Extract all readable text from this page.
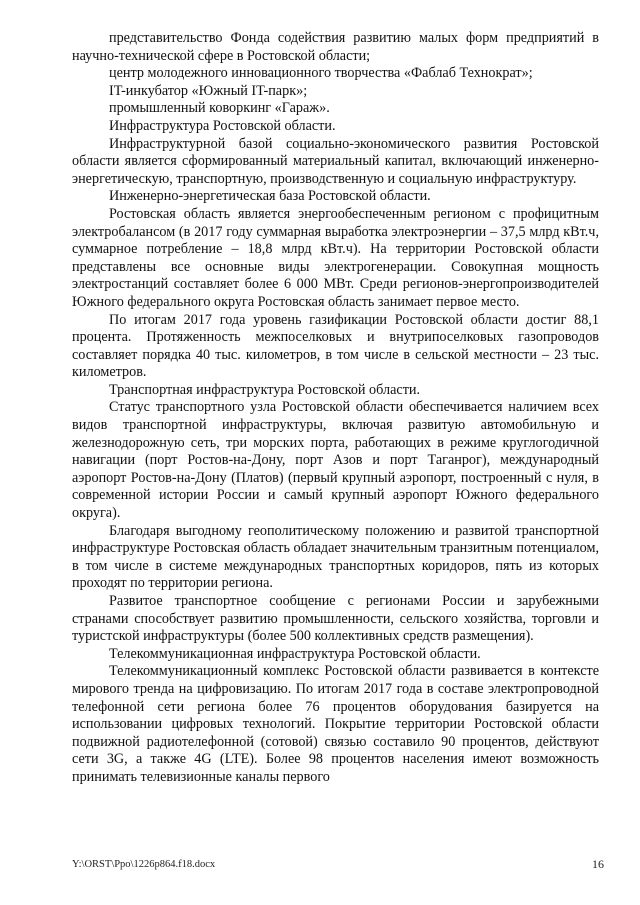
представительство Фонда содействия развитию малых форм предприятий в научно-технической сфере в Ростовской области;

центр молодежного инновационного творчества «Фаблаб Технократ»;

IT-инкубатор «Южный IT-парк»;

промышленный коворкинг «Гараж».

Инфраструктура Ростовской области.

Инфраструктурной базой социально-экономического развития Ростовской области является сформированный материальный капитал, включающий инженерно-энергетическую, транспортную, производственную и социальную инфраструктуру.

Инженерно-энергетическая база Ростовской области.

Ростовская область является энергообеспеченным регионом с профицитным электробалансом (в 2017 году суммарная выработка электроэнергии – 37,5 млрд кВт.ч, суммарное потребление – 18,8 млрд кВт.ч). На территории Ростовской области представлены все основные виды электрогенерации. Совокупная мощность электростанций составляет более 6 000 МВт. Среди регионов-энергопроизводителей Южного федерального округа Ростовская область занимает первое место.

По итогам 2017 года уровень газификации Ростовской области достиг 88,1 процента. Протяженность межпоселковых и внутрипоселковых газопроводов составляет порядка 40 тыс. километров, в том числе в сельской местности – 23 тыс. километров.

Транспортная инфраструктура Ростовской области.

Статус транспортного узла Ростовской области обеспечивается наличием всех видов транспортной инфраструктуры, включая развитую автомобильную и железнодорожную сеть, три морских порта, работающих в режиме круглогодичной навигации (порт Ростов-на-Дону, порт Азов и порт Таганрог), международный аэропорт Ростов-на-Дону (Платов) (первый крупный аэропорт, построенный с нуля, в современной истории России и самый крупный аэропорт Южного федерального округа).

Благодаря выгодному геополитическому положению и развитой транспортной инфраструктуре Ростовская область обладает значительным транзитным потенциалом, в том числе в системе международных транспортных коридоров, пять из которых проходят по территории региона.

Развитое транспортное сообщение с регионами России и зарубежными странами способствует развитию промышленности, сельского хозяйства, торговли и туристской инфраструктуры (более 500 коллективных средств размещения).

Телекоммуникационная инфраструктура Ростовской области.

Телекоммуникационный комплекс Ростовской области развивается в контексте мирового тренда на цифровизацию. По итогам 2017 года в составе электропроводной телефонной сети региона более 76 процентов оборудования базируется на использовании цифровых технологий. Покрытие территории Ростовской области подвижной радиотелефонной (сотовой) связью составило 90 процентов, действуют сети 3G, а также 4G (LTE). Более 98 процентов населения имеют возможность принимать телевизионные каналы первого

Y:\ORST\Ppo\1226p864.f18.docx	16
